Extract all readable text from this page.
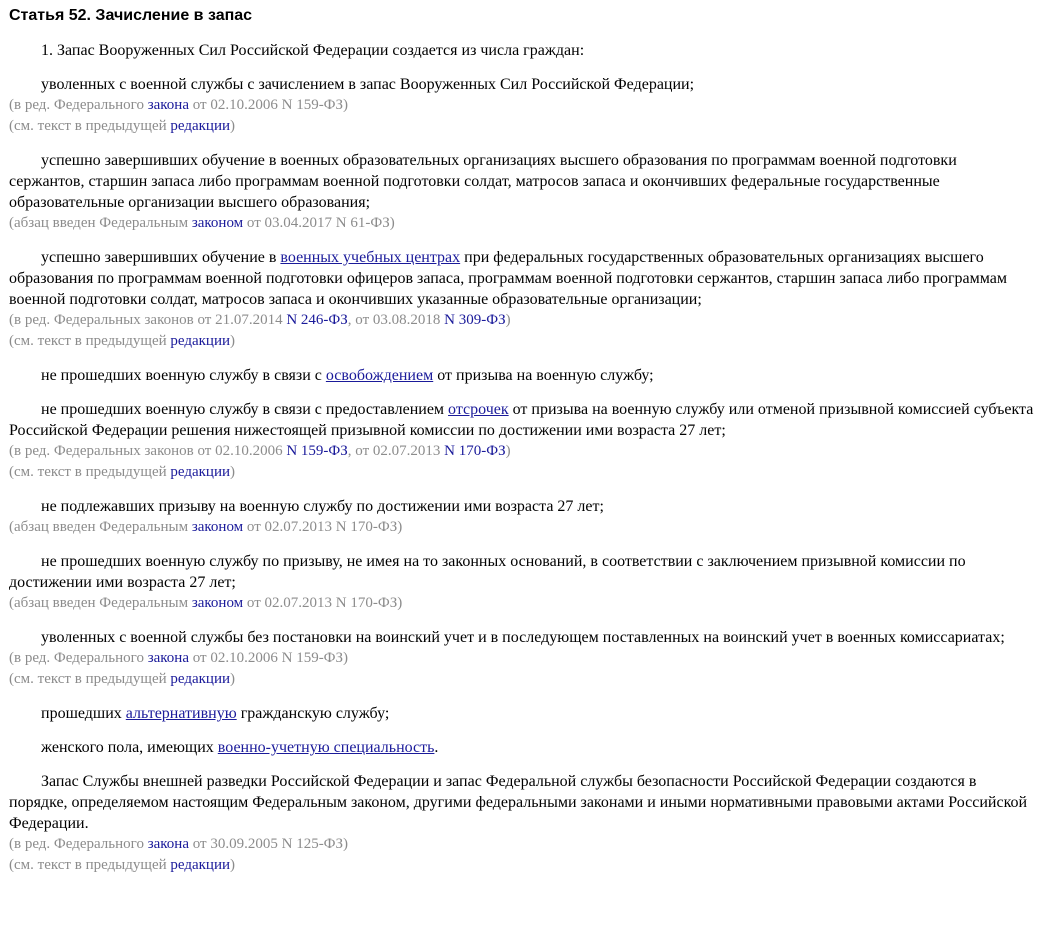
Статья 52. Зачисление в запас

1. Запас Вооруженных Сил Российской Федерации создается из числа граждан:

уволенных с военной службы с зачислением в запас Вооруженных Сил Российской Федерации;

(в ред. Федерального закона от 02.10.2006 N 159-ФЗ)

(см. текст в предыдущей редакции)

успешно завершивших обучение в военных образовательных организациях высшего образования по программам военной подготовки сержантов, старшин запаса либо программам военной подготовки солдат, матросов запаса и окончивших федеральные государственные образовательные организации высшего образования;

(абзац введен Федеральным законом от 03.04.2017 N 61-ФЗ)

успешно завершивших обучение в военных учебных центрах при федеральных государственных образовательных организациях высшего образования по программам военной подготовки офицеров запаса, программам военной подготовки сержантов, старшин запаса либо программам военной подготовки солдат, матросов запаса и окончивших указанные образовательные организации;

(в ред. Федеральных законов от 21.07.2014 N 246-ФЗ, от 03.08.2018 N 309-ФЗ)

(см. текст в предыдущей редакции)

не прошедших военную службу в связи с освобождением от призыва на военную службу;

не прошедших военную службу в связи с предоставлением отсрочек от призыва на военную службу или отменой призывной комиссией субъекта Российской Федерации решения нижестоящей призывной комиссии по достижении ими возраста 27 лет;

(в ред. Федеральных законов от 02.10.2006 N 159-ФЗ, от 02.07.2013 N 170-ФЗ)

(см. текст в предыдущей редакции)

не подлежавших призыву на военную службу по достижении ими возраста 27 лет;

(абзац введен Федеральным законом от 02.07.2013 N 170-ФЗ)

не прошедших военную службу по призыву, не имея на то законных оснований, в соответствии с заключением призывной комиссии по достижении ими возраста 27 лет;

(абзац введен Федеральным законом от 02.07.2013 N 170-ФЗ)

уволенных с военной службы без постановки на воинский учет и в последующем поставленных на воинский учет в военных комиссариатах;

(в ред. Федерального закона от 02.10.2006 N 159-ФЗ)

(см. текст в предыдущей редакции)

прошедших альтернативную гражданскую службу;

женского пола, имеющих военно-учетную специальность.

Запас Службы внешней разведки Российской Федерации и запас Федеральной службы безопасности Российской Федерации создаются в порядке, определяемом настоящим Федеральным законом, другими федеральными законами и иными нормативными правовыми актами Российской Федерации.

(в ред. Федерального закона от 30.09.2005 N 125-ФЗ)

(см. текст в предыдущей редакции)
